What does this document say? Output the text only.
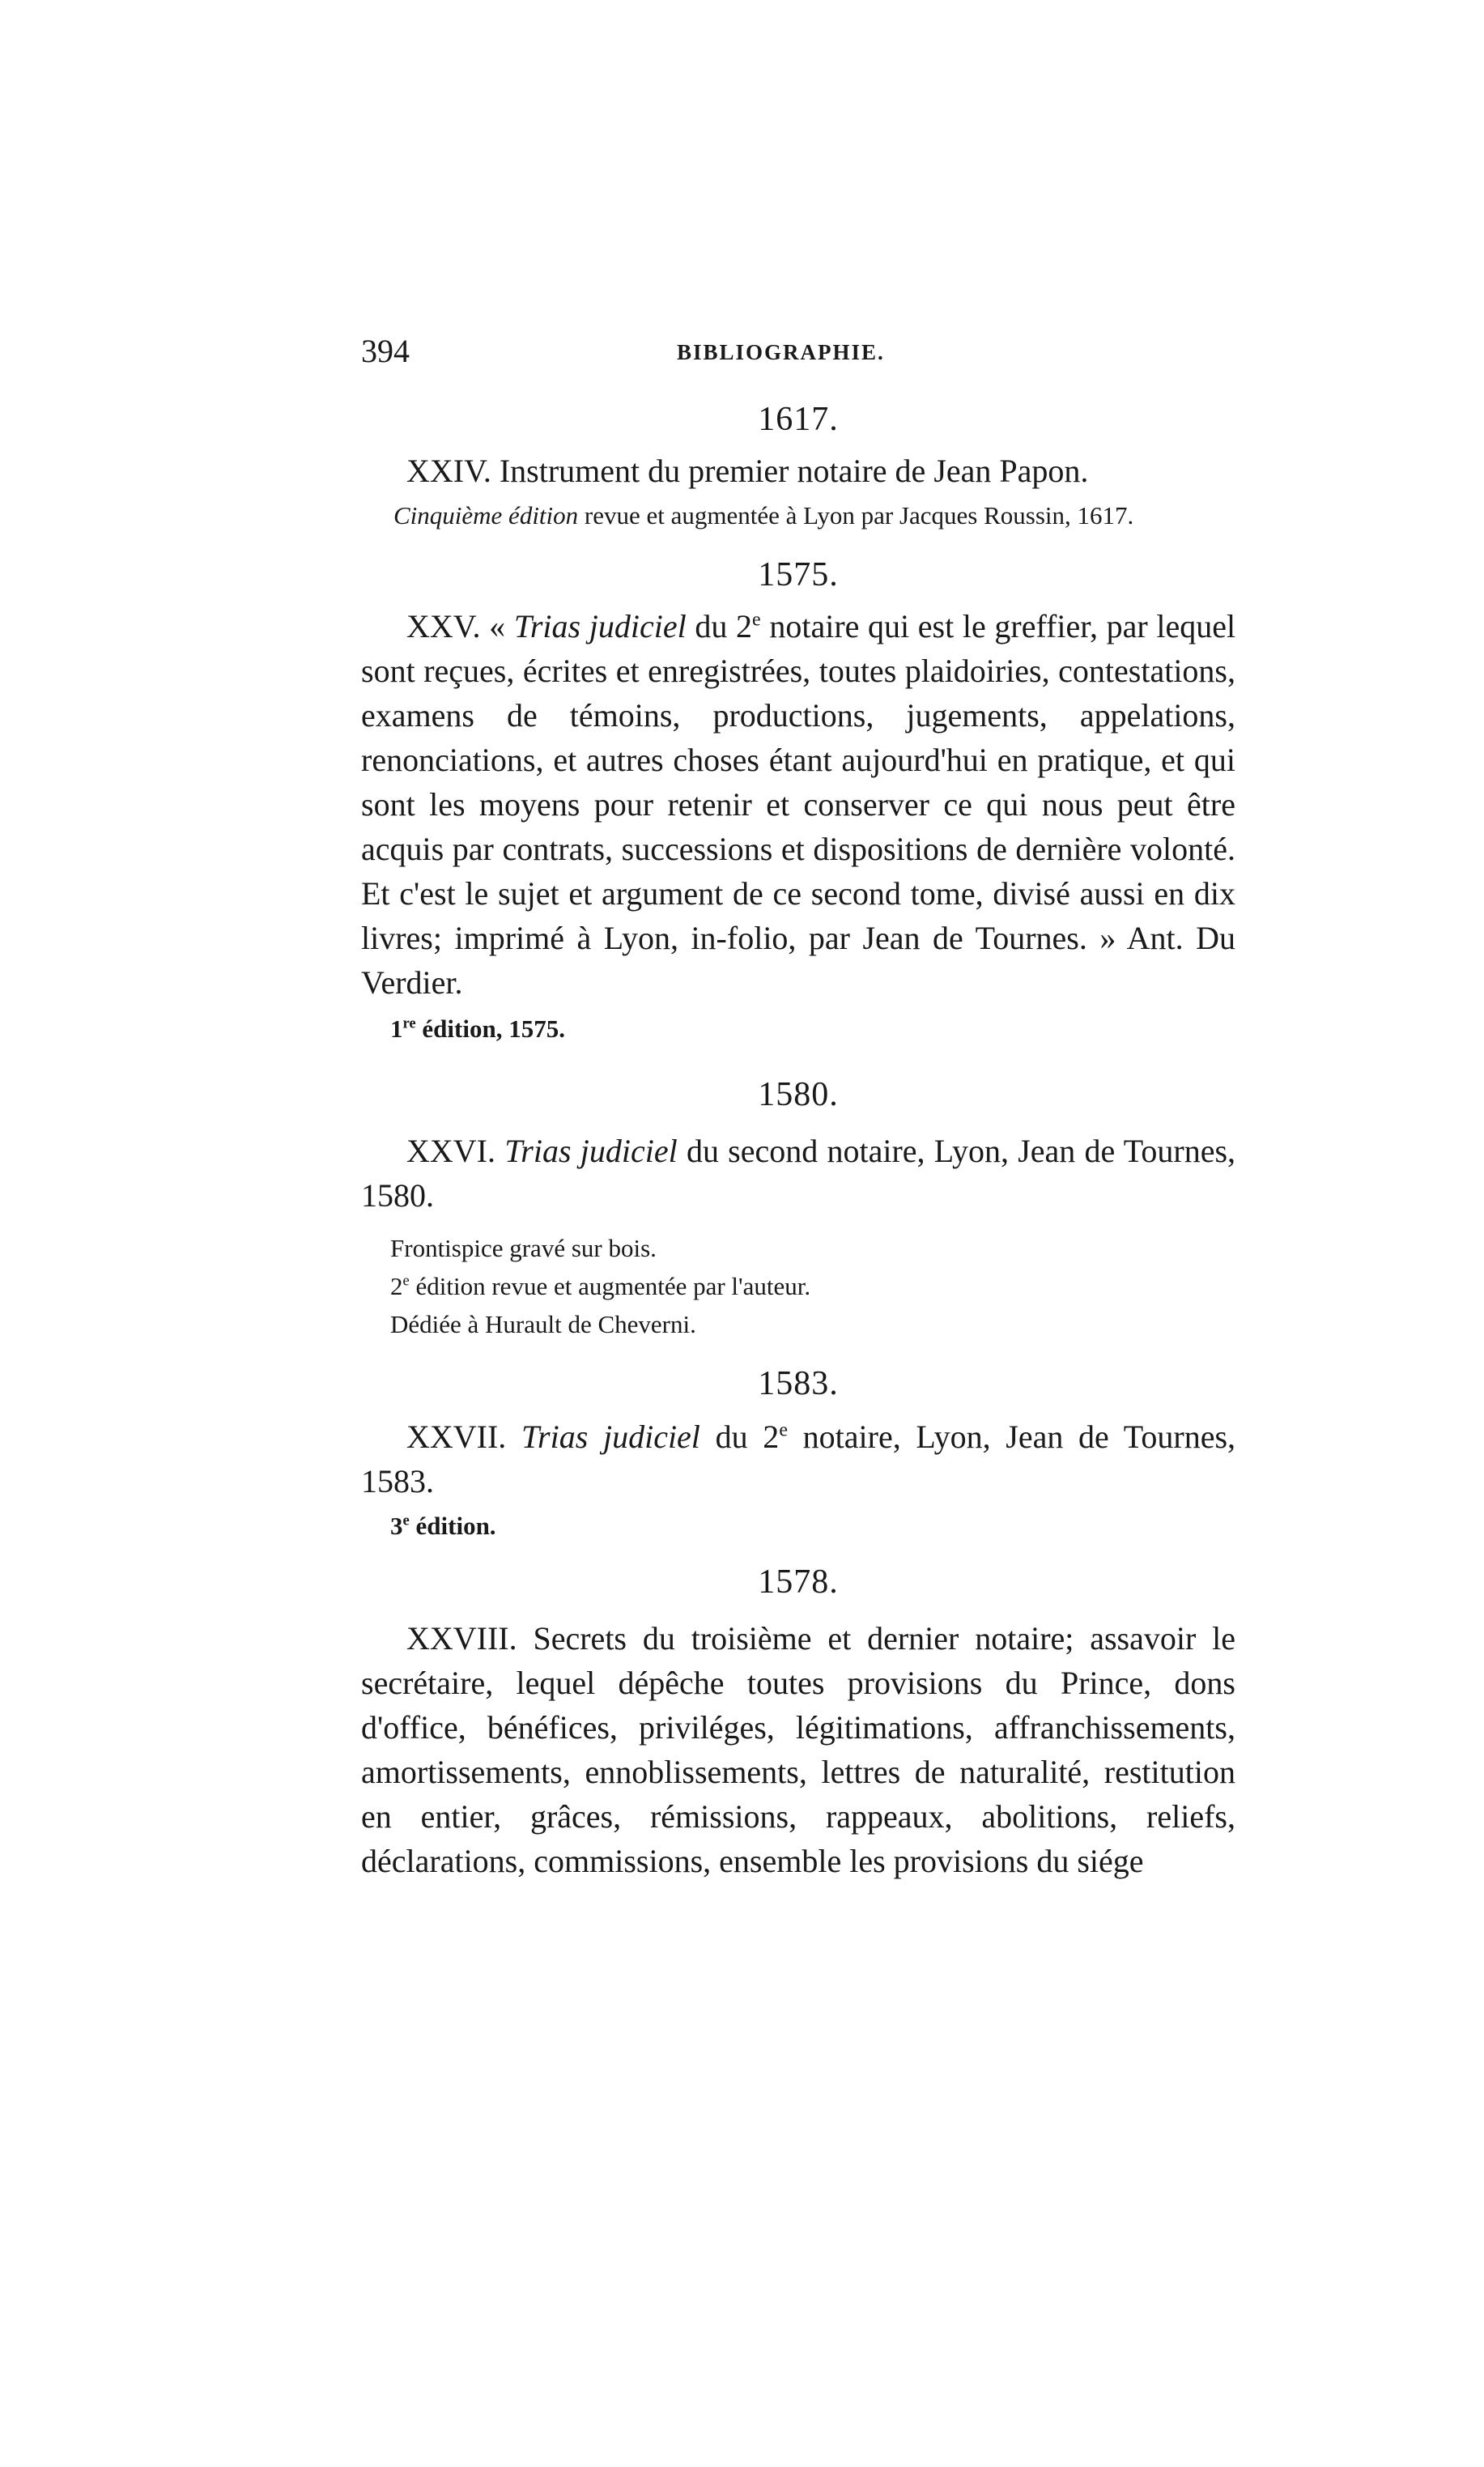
394	BIBLIOGRAPHIE.

1617.

XXIV. Instrument du premier notaire de Jean Papon.

Cinquième édition revue et augmentée à Lyon par Jacques Roussin, 1617.

1575.

XXV. « Trias judiciel du 2e notaire qui est le greffier, par lequel sont reçues, écrites et enregistrées, toutes plaidoiries, contestations, examens de témoins, productions, jugements, appelations, renonciations, et autres choses étant aujourd'hui en pratique, et qui sont les moyens pour retenir et conserver ce qui nous peut être acquis par contrats, successions et dispositions de dernière volonté. Et c'est le sujet et argument de ce second tome, divisé aussi en dix livres; imprimé à Lyon, in-folio, par Jean de Tournes. » Ant. Du Verdier.

1re édition, 1575.

1580.

XXVI. Trias judiciel du second notaire, Lyon, Jean de Tournes, 1580.

Frontispice gravé sur bois.

2e édition revue et augmentée par l'auteur.

Dédiée à Hurault de Cheverni.

1583.

XXVII. Trias judiciel du 2e notaire, Lyon, Jean de Tournes, 1583.

3e édition.

1578.

XXVIII. Secrets du troisième et dernier notaire; assavoir le secrétaire, lequel dépêche toutes provisions du Prince, dons d'office, bénéfices, priviléges, légitimations, affranchissements, amortissements, ennoblissements, lettres de naturalité, restitution en entier, grâces, rémissions, rappeaux, abolitions, reliefs, déclarations, commissions, ensemble les provisions du siége
